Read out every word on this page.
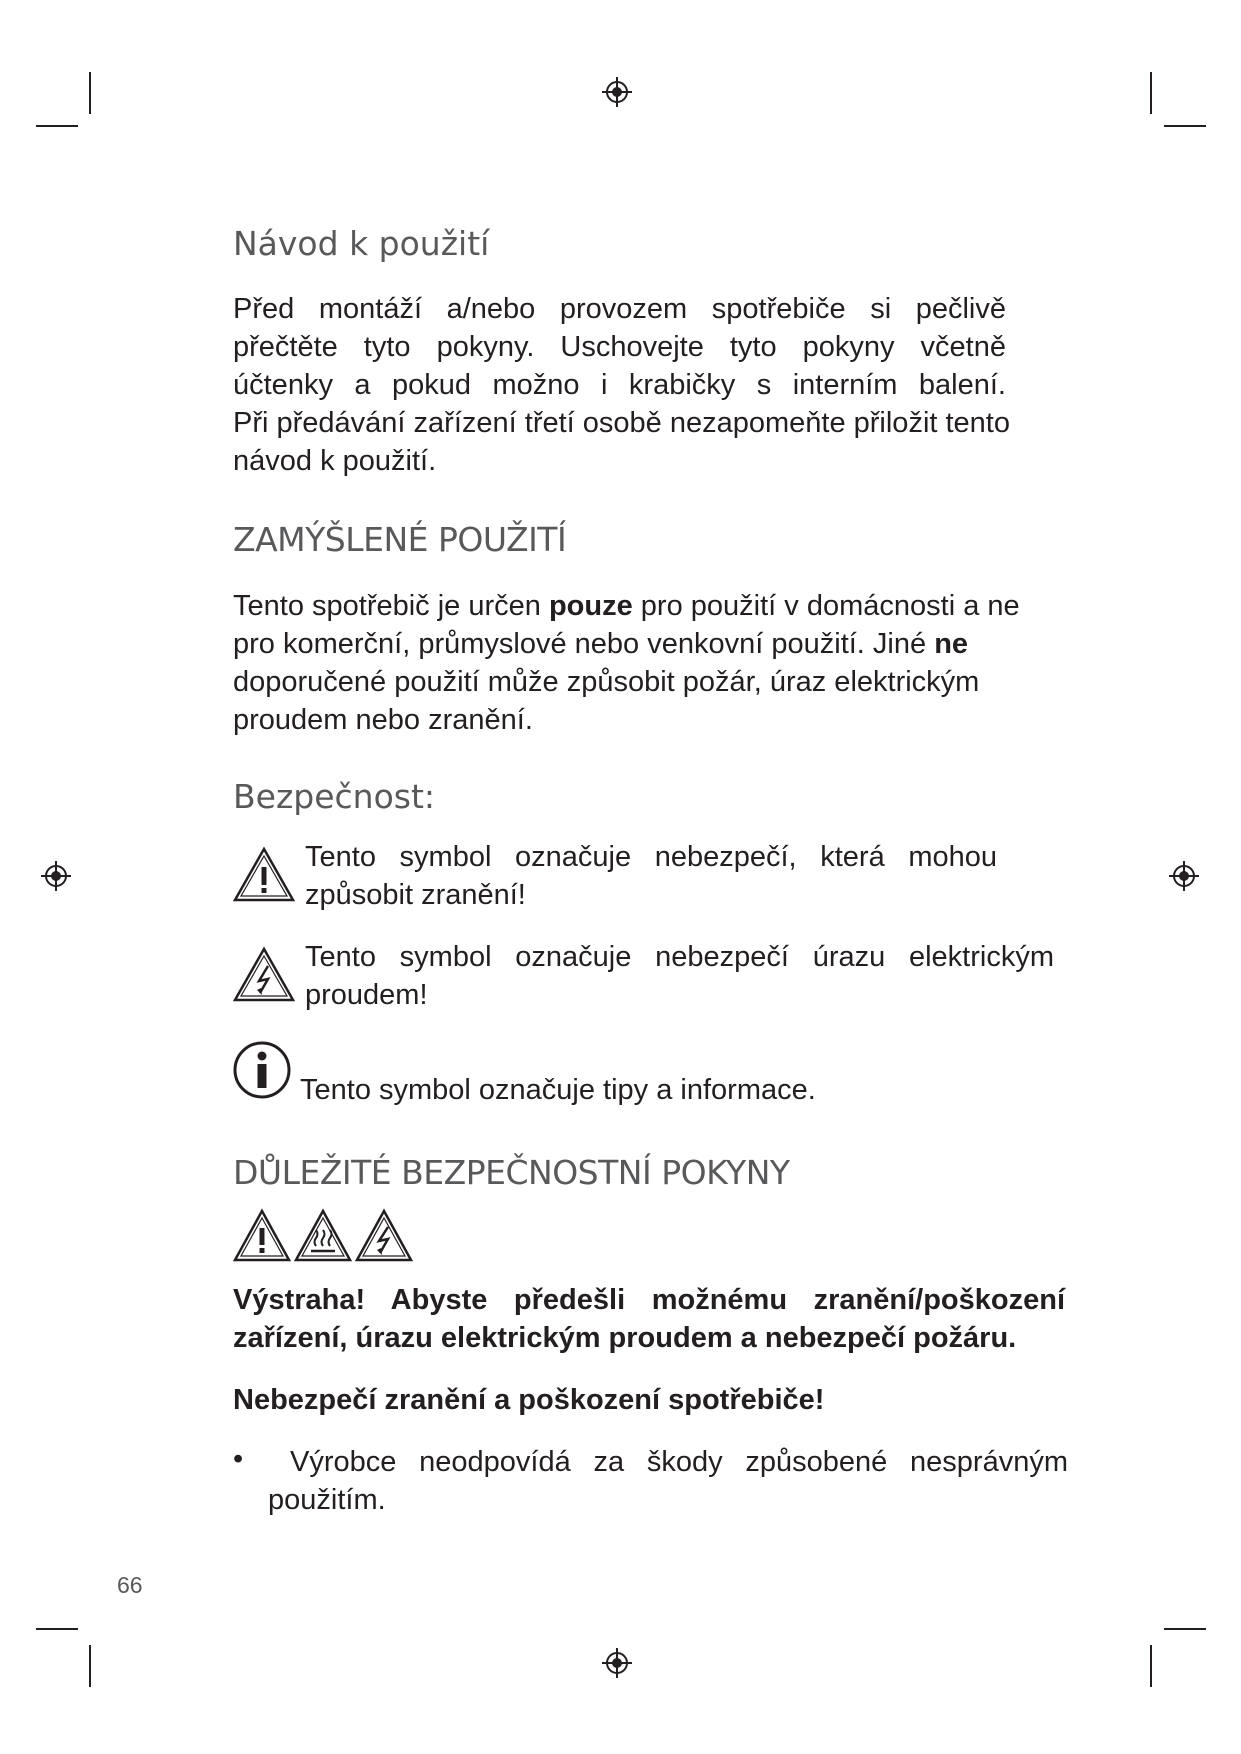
Návod k použití
Před montáží a/nebo provozem spotřebiče si pečlivě
přečtěte tyto pokyny. Uschovejte tyto pokyny včetně
účtenky a pokud možno i krabičky s interním balení.
Při předávání zařízení třetí osobě nezapomeňte přiložit tento
návod k použití.
ZAMÝŠLENÉ POUŽITÍ

Tento spotřebič je určen pouze pro použití v domácnosti a ne pro komerční, průmyslové nebo venkovní použití. Jiné ne doporučené použití může způsobit požár, úraz elektrickým proudem nebo zranění.

Bezpečnost:
Tento symbol označuje nebezpečí, která mohou
způsobit zranění!
Tento symbol označuje nebezpečí úrazu elektrickým
proudem!
Tento symbol označuje tipy a informace.
DŮLEŽITÉ BEZPEČNOSTNÍ POKYNY
Výstraha! Abyste předešli možnému zranění/poškození zařízení, úrazu elektrickým proudem a nebezpečí požáru.
Nebezpečí zranění a poškození spotřebiče!
•	Výrobce neodpovídá za škody způsobené nesprávným
použitím.
66
